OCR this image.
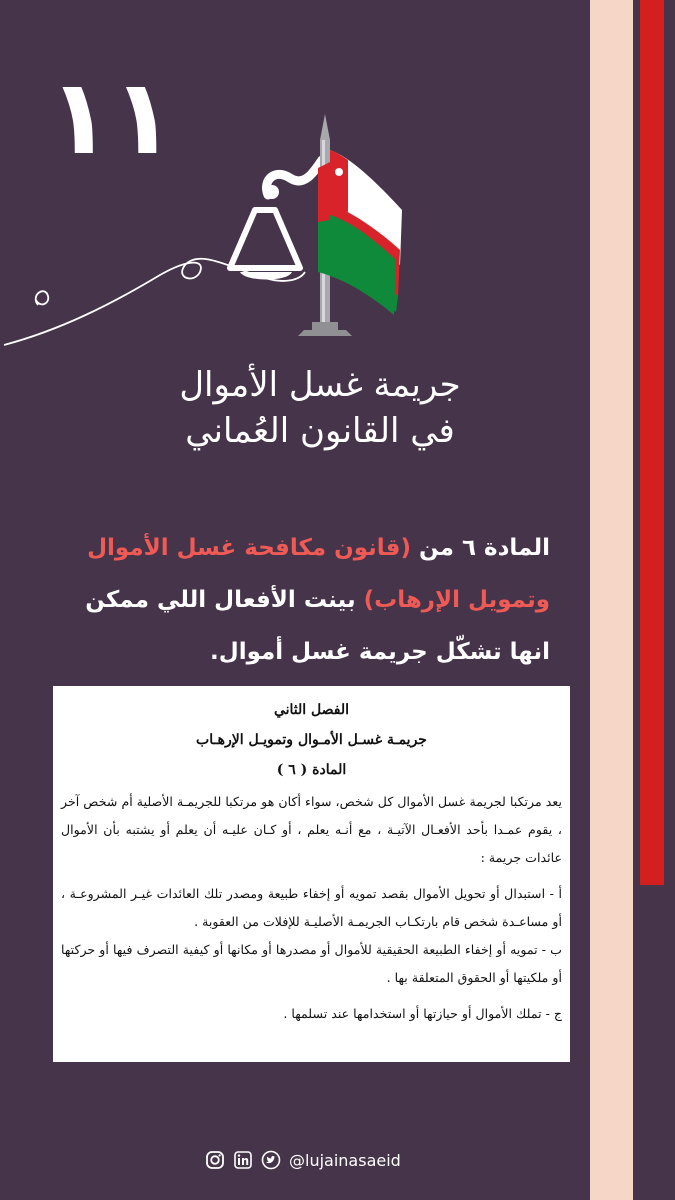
١١
جريمة غسل الأموال
في القانون العُماني
المادة ٦ من (قانون مكافحة غسل الأموال
وتمويل الإرهاب) بينت الأفعال اللي ممكن
انها تشكّل جريمة غسل أموال.
الفصل الثاني
جريمـة غسـل الأمـوال وتمويـل الإرهـاب
المادة ( ٦ )

يعد مرتكبا لجريمة غسل الأموال كل شخص، سواء أكان هو مرتكبا للجريمـة الأصلية أم شخص آخر ، يقوم عمـدا بأحد الأفعـال الآتيـة ، مع أنـه يعلم ، أو كـان عليـه أن يعلم أو يشتبه بأن الأموال عائدات جريمة :

أ - استبدال أو تحويل الأموال بقصد تمويه أو إخفاء طبيعة ومصدر تلك العائدات غيـر المشروعـة ، أو مساعـدة شخص قام بارتكـاب الجريمـة الأصليـة للإفلات من العقوبة .

ب - تمويه أو إخفاء الطبيعة الحقيقية للأموال أو مصدرها أو مكانها أو كيفية التصرف فيها أو حركتها أو ملكيتها أو الحقوق المتعلقة بها .

ج - تملك الأموال أو حيازتها أو استخدامها عند تسلمها .

@lujainasaeid
